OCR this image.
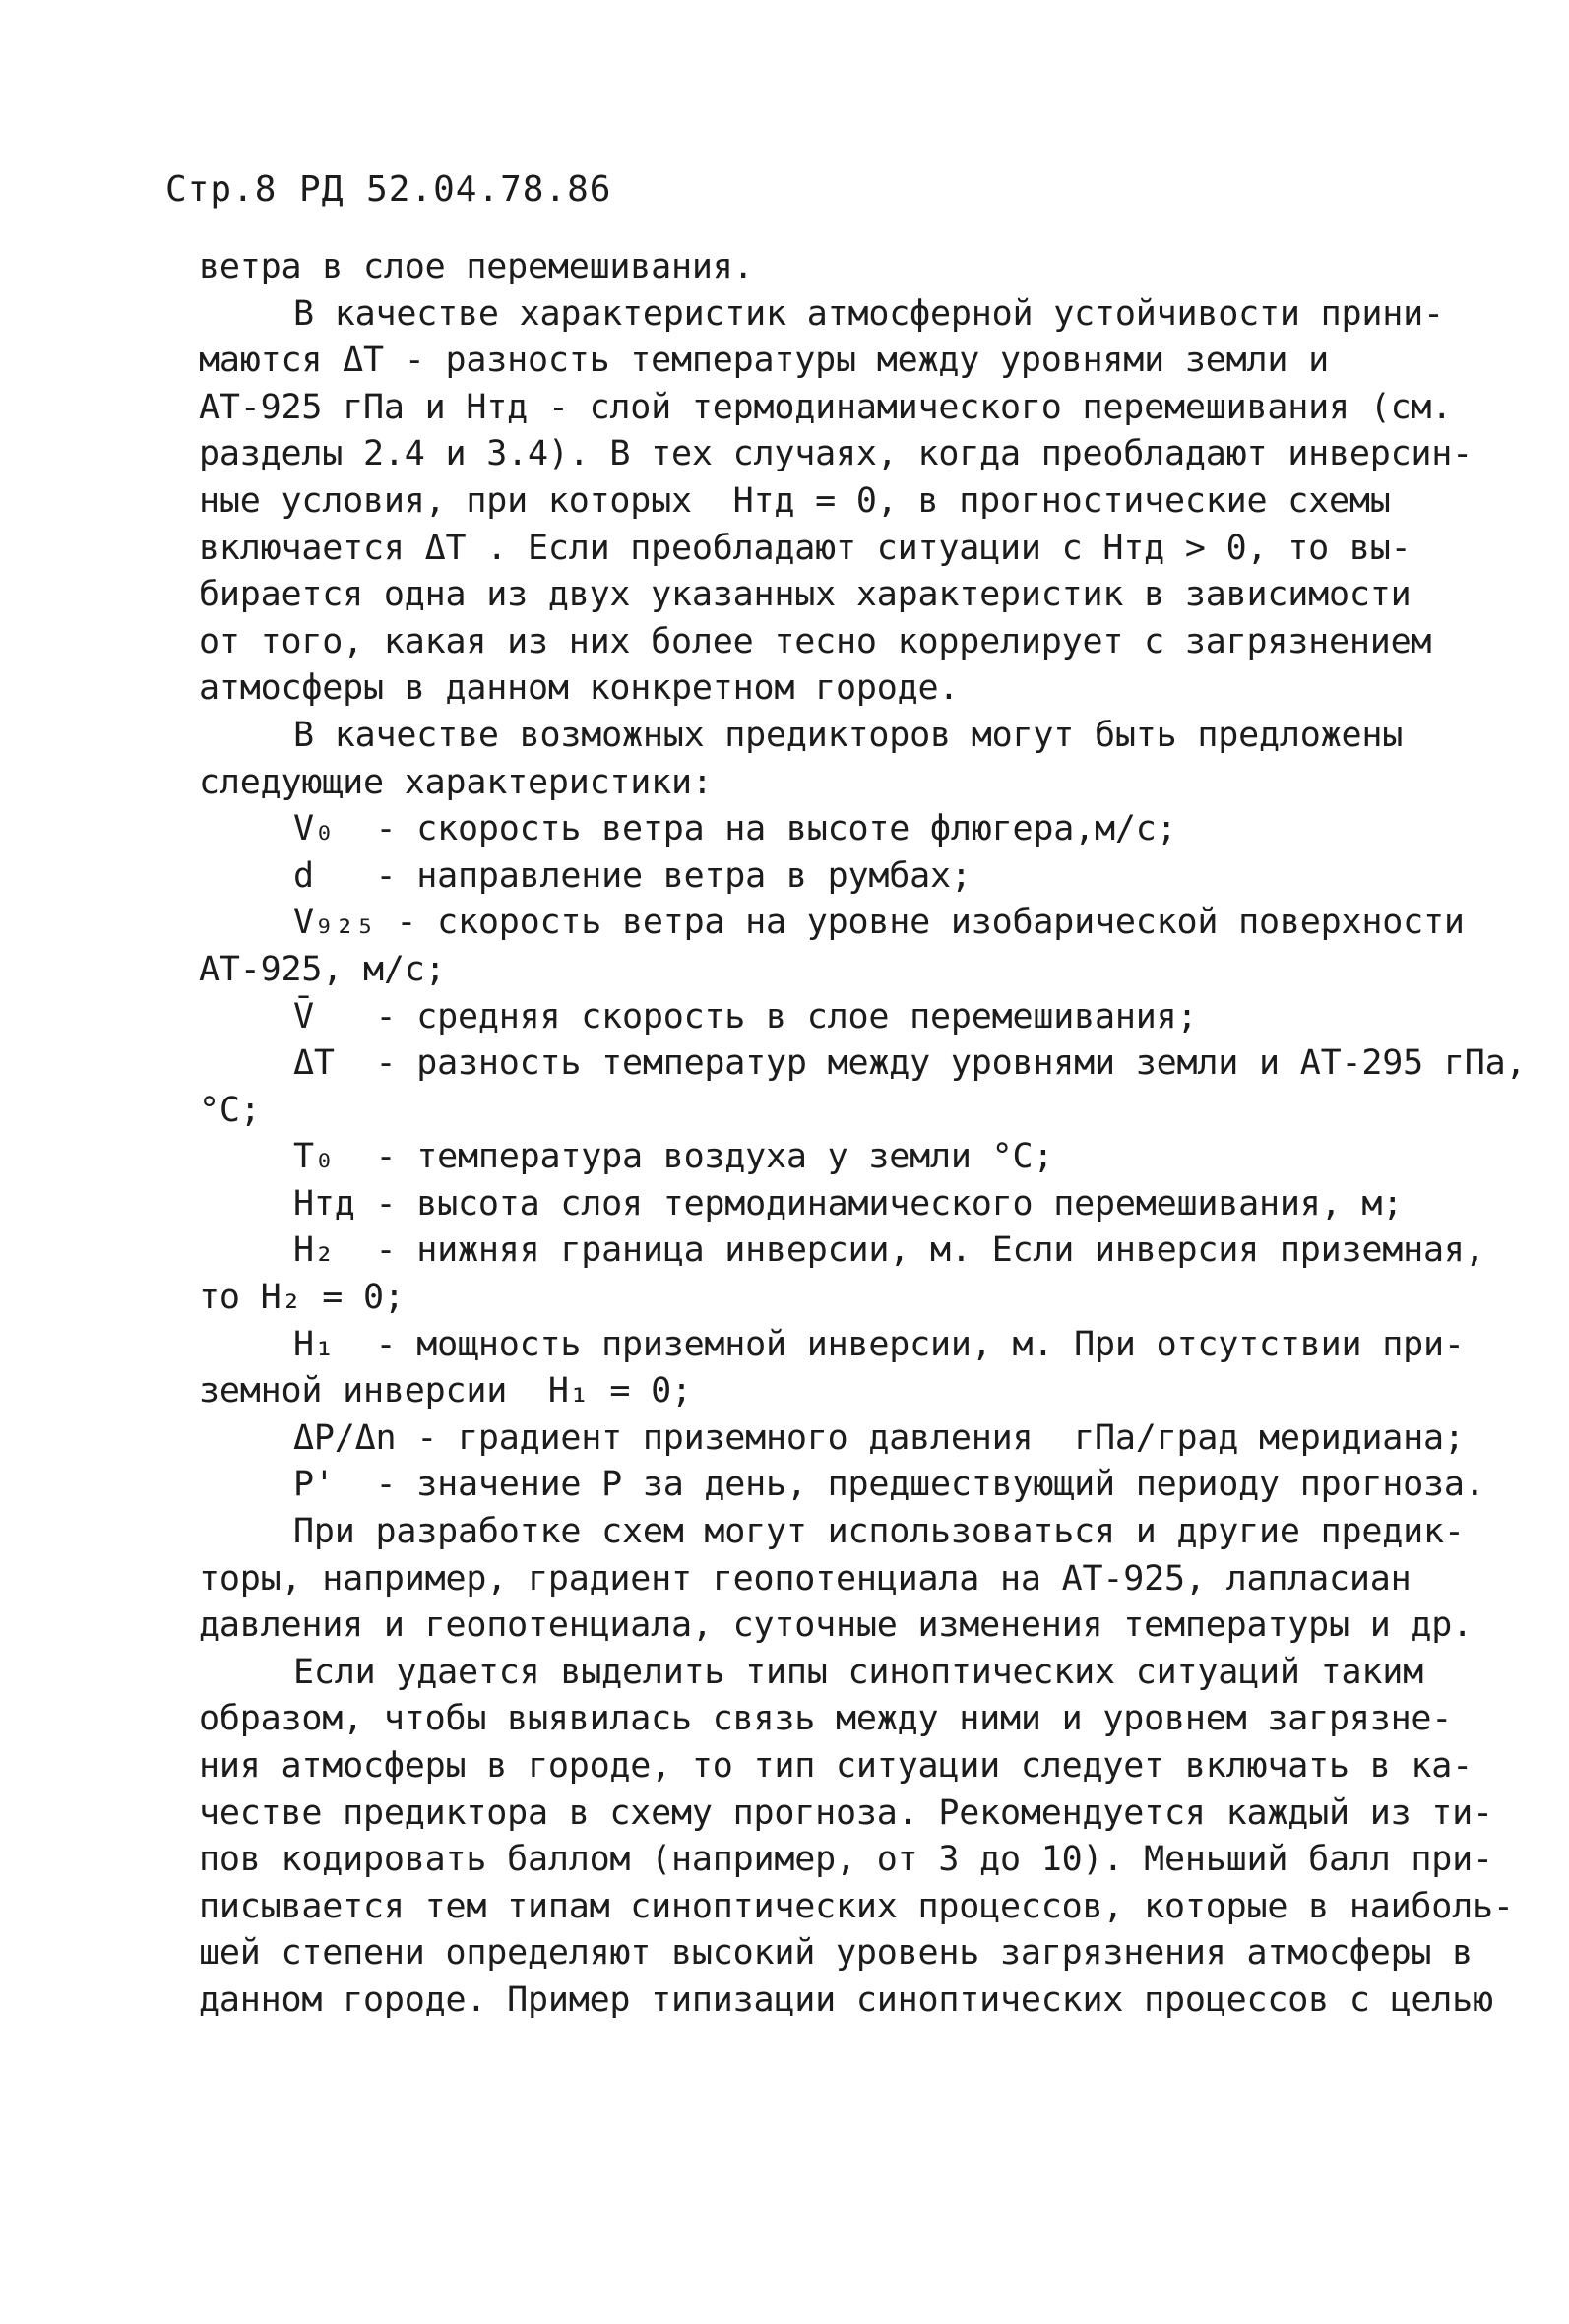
Стр.8 РД 52.04.78.86
ветра в слое перемешивания.
В качестве характеристик атмосферной устойчивости прини-
маются ΔT - разность температуры между уровнями земли и
АТ-925 гПа и Hтд - слой термодинамического перемешивания (см.
разделы 2.4 и 3.4). В тех случаях, когда преобладают инверсин-
ные условия, при которых  Hтд = 0, в прогностические схемы
включается ΔT . Если преобладают ситуации с Hтд > 0, то вы-
бирается одна из двух указанных характеристик в зависимости
от того, какая из них более тесно коррелирует с загрязнением
атмосферы в данном конкретном городе.
В качестве возможных предикторов могут быть предложены
следующие характеристики:
V₀  - скорость ветра на высоте флюгера,м/с;
d   - направление ветра в румбах;
V₉₂₅ - скорость ветра на уровне изобарической поверхности
АТ-925, м/с;
V̄   - средняя скорость в слое перемешивания;
ΔT  - разность температур между уровнями земли и АТ-295 гПа,
°C;
T₀  - температура воздуха у земли °C;
Hтд - высота слоя термодинамического перемешивания, м;
H₂  - нижняя граница инверсии, м. Если инверсия приземная,
то H₂ = 0;
H₁  - мощность приземной инверсии, м. При отсутствии при-
земной инверсии  H₁ = 0;
ΔP/Δn - градиент приземного давления  гПа/град меридиана;
P'  - значение P за день, предшествующий периоду прогноза.
При разработке схем могут использоваться и другие предик-
торы, например, градиент геопотенциала на АТ-925, лапласиан
давления и геопотенциала, суточные изменения температуры и др.
Если удается выделить типы синоптических ситуаций таким
образом, чтобы выявилась связь между ними и уровнем загрязне-
ния атмосферы в городе, то тип ситуации следует включать в ка-
честве предиктора в схему прогноза. Рекомендуется каждый из ти-
пов кодировать баллом (например, от 3 до 10). Меньший балл при-
писывается тем типам синоптических процессов, которые в наиболь-
шей степени определяют высокий уровень загрязнения атмосферы в
данном городе. Пример типизации синоптических процессов с целью
